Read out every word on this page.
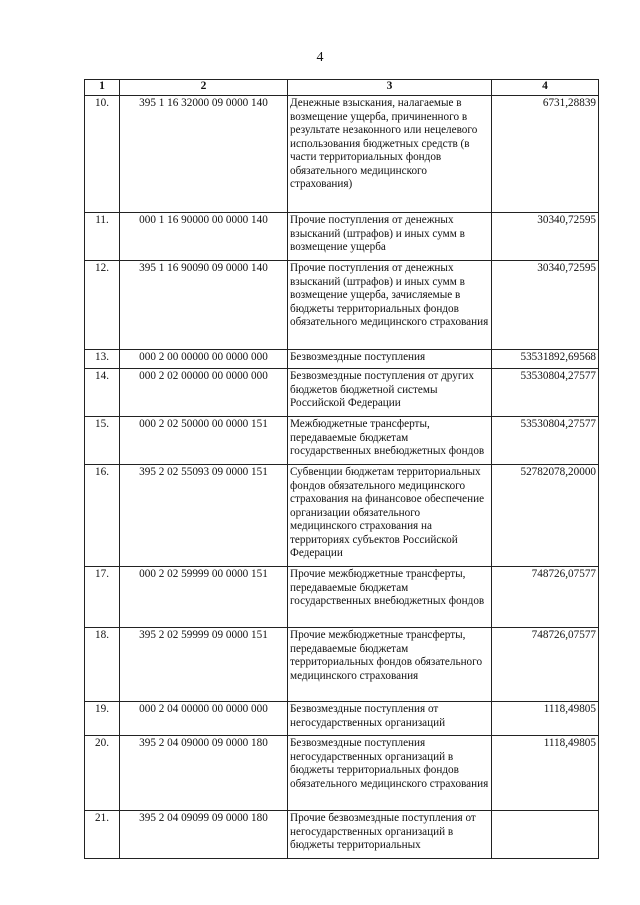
4
1	2	3	4
10.	395 1 16 32000 09 0000 140	Денежные взыскания, налагаемые в возмещение ущерба, причиненного в результате незаконного или нецелевого использования бюджетных средств (в части территориальных фондов обязательного медицинского страхования)	6731,28839
11.	000 1 16 90000 00 0000 140	Прочие поступления от денежных взысканий (штрафов) и иных сумм в возмещение ущерба	30340,72595
12.	395 1 16 90090 09 0000 140	Прочие поступления от денежных взысканий (штрафов) и иных сумм в возмещение ущерба, зачисляемые в бюджеты территориальных фондов обязательного медицинского страхования	30340,72595
13.	000 2 00 00000 00 0000 000	Безвозмездные поступления	53531892,69568
14.	000 2 02 00000 00 0000 000	Безвозмездные поступления от других бюджетов бюджетной системы Российской Федерации	53530804,27577
15.	000 2 02 50000 00 0000 151	Межбюджетные трансферты, передаваемые бюджетам государственных внебюджетных фондов	53530804,27577
16.	395 2 02 55093 09 0000 151	Субвенции бюджетам территориальных фондов обязательного медицинского страхования на финансовое обеспечение организации обязательного медицинского страхования на территориях субъектов Российской Федерации	52782078,20000
17.	000 2 02 59999 00 0000 151	Прочие межбюджетные трансферты, передаваемые бюджетам государственных внебюджетных фондов	748726,07577
18.	395 2 02 59999 09 0000 151	Прочие межбюджетные трансферты, передаваемые бюджетам территориальных фондов обязательного медицинского страхования	748726,07577
19.	000 2 04 00000 00 0000 000	Безвозмездные поступления от негосударственных организаций	1118,49805
20.	395 2 04 09000 09 0000 180	Безвозмездные поступления негосударственных организаций в бюджеты территориальных фондов обязательного медицинского страхования	1118,49805
21.	395 2 04 09099 09 0000 180	Прочие безвозмездные поступления от негосударственных организаций в бюджеты территориальных	
